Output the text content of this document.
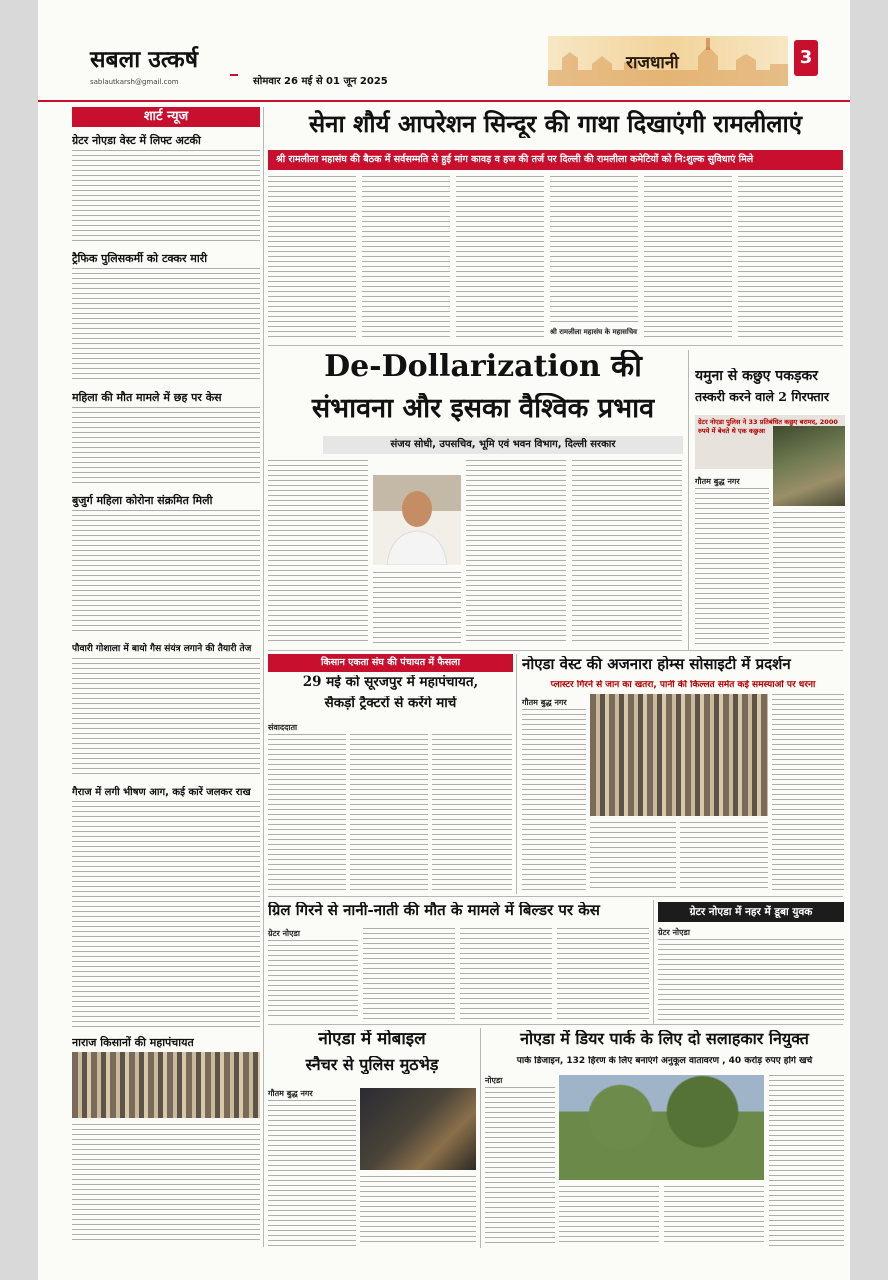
सबला उत्कर्ष
sablautkarsh@gmail.com	सोमवार 26 मई से 01 जून 2025
राजधानी	3
शार्ट न्यूज
ग्रेटर नोएडा वेस्ट में लिफ्ट अटकी
ट्रैफिक पुलिसकर्मी को टक्कर मारी
महिला की मौत मामले में छह पर केस
बुजुर्ग महिला कोरोना संक्रमित मिली
पौवारी गोशाला में बायो गैस संयंत्र लगाने की तैयारी तेज
गैराज में लगी भीषण आग, कई कारें जलकर राख
नाराज किसानों की महापंचायत
सेना शौर्य आपरेशन सिन्दूर की गाथा दिखाएंगी रामलीलाएं
श्री रामलीला महासंघ की बैठक में सर्वसम्मति से हुई मांग कावड़ व हज की तर्ज पर दिल्ली की रामलीला कमेटियों को नि:शुल्क सुविधाएं मिले
श्री रामलीला महासंघ के महासचिव
De-Dollarization की
संभावना और इसका वैश्विक प्रभाव
संजय सोधी, उपसचिव, भूमि एवं भवन विभाग, दिल्ली सरकार
यमुना से कछुए पकड़कर
तस्करी करने वाले 2 गिरफ्तार
ग्रेटर नोएडा पुलिस ने 33 प्रतिबंधित कछुए बरामद, 2000 रुपये में बेचते थे एक कछुआ
गौतम बुद्ध नगर
किसान एकता संघ की पंचायत में फैसला
29 मई को सूरजपुर में महापंचायत,
सैकड़ों ट्रैक्टरों से करेंगे मार्च
संवाददाता
नोएडा वेस्ट की अजनारा होम्स सोसाइटी में प्रदर्शन
प्लास्टर गिरने से जान का खतरा, पानी की किल्लत समेत कई समस्याओं पर धरना
गौतम बुद्ध नगर
ग्रिल गिरने से नानी-नाती की मौत के मामले में बिल्डर पर केस
ग्रेटर नोएडा
ग्रेटर नोएडा में नहर में डूबा युवक
ग्रेटर नोएडा
नोएडा में मोबाइल
स्नैचर से पुलिस मुठभेड़
गौतम बुद्ध नगर
नोएडा में डियर पार्क के लिए दो सलाहकार नियुक्त
पार्क डिजाइन, 132 हिरण के लिए बनाएंगे अनुकूल वातावरण , 40 करोड़ रुपए होंगे खर्च
नोएडा
